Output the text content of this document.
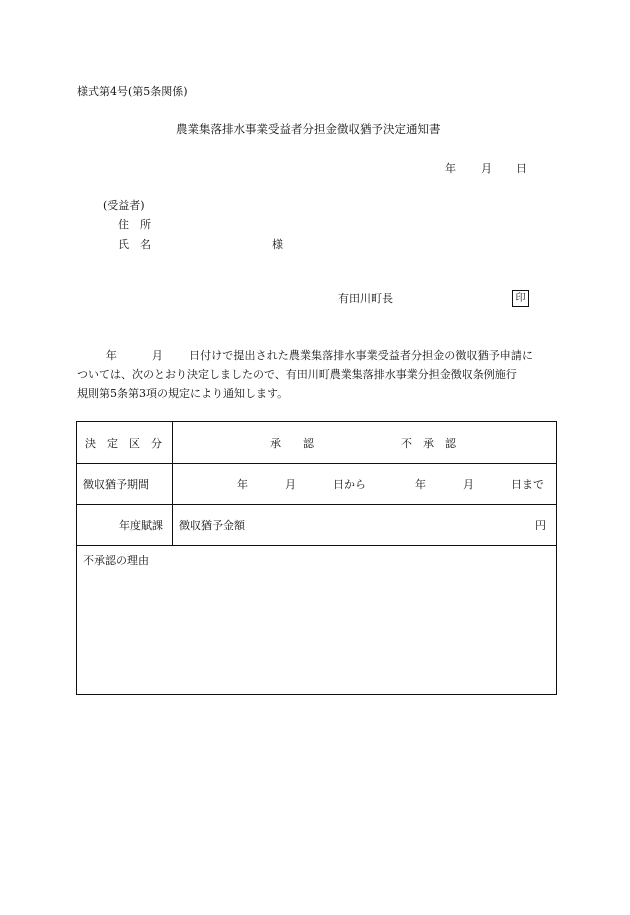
様式第4号(第5条関係)
農業集落排水事業受益者分担金徴収猶予決定通知書
年 月 日
(受益者)
住　所
氏　名	様
有田川町長	印
年	月 日付けで提出された農業集落排水事業受益者分担金の徴収猶予申請に
ついては、次のとおり決定しましたので、有田川町農業集落排水事業分担金徴収条例施行
規則第5条第3項の規定により通知します。
決　定　区　分	承　　認	不　承　認
徴収猶予期間	年	月	日から	年	月	日まで
年度賦課 徴収猶予金額	円
不承認の理由
